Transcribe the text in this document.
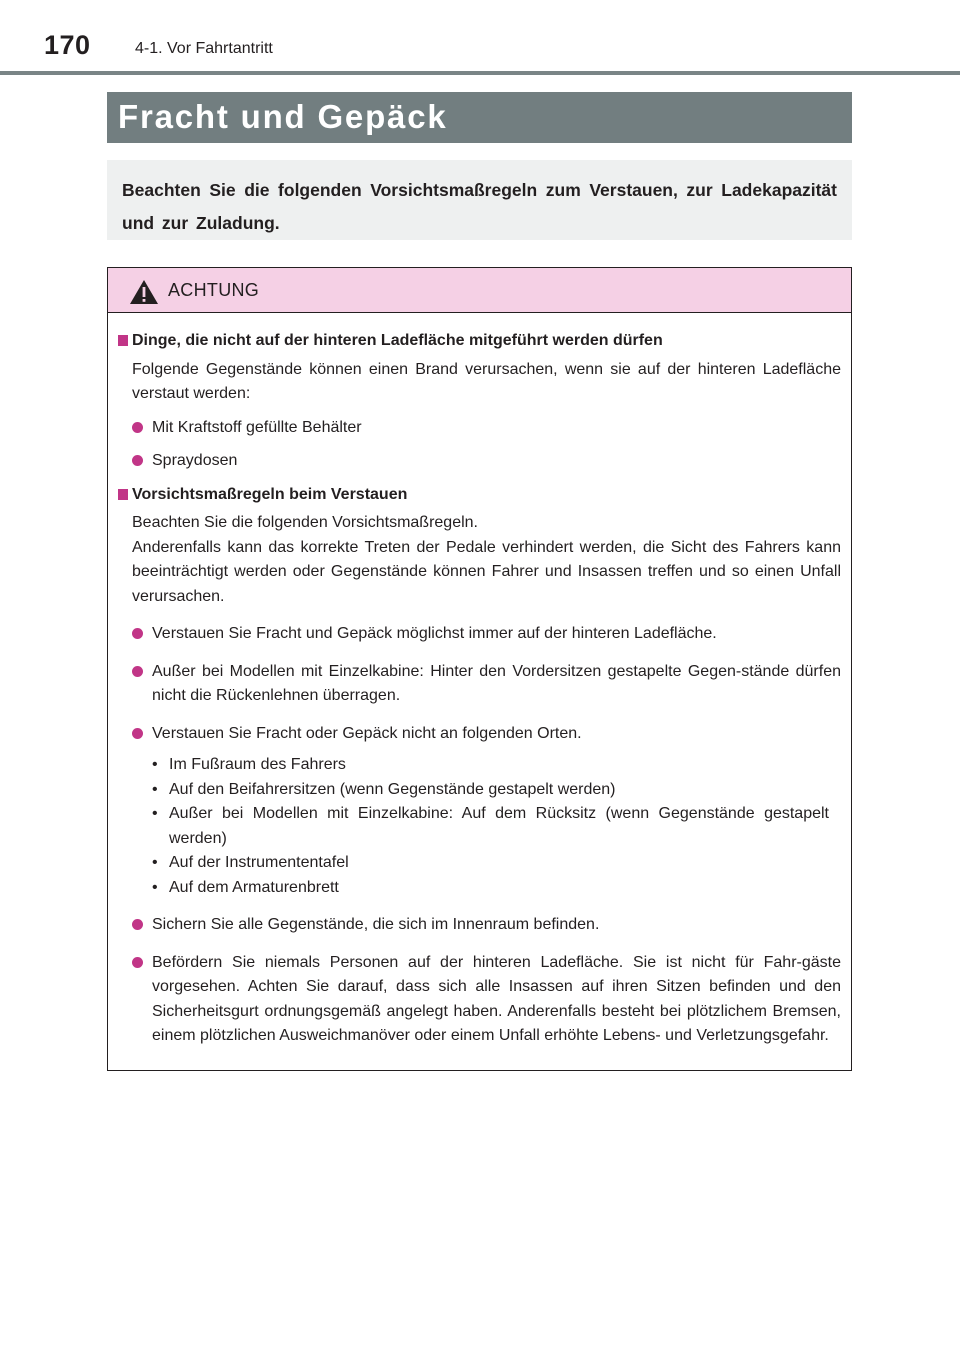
170	4-1. Vor Fahrtantritt
Fracht und Gepäck
Beachten Sie die folgenden Vorsichtsmaßregeln zum Verstauen, zur Ladekapazität und zur Zuladung.
ACHTUNG
Dinge, die nicht auf der hinteren Ladefläche mitgeführt werden dürfen
Folgende Gegenstände können einen Brand verursachen, wenn sie auf der hinteren Ladefläche verstaut werden:
Mit Kraftstoff gefüllte Behälter
Spraydosen
Vorsichtsmaßregeln beim Verstauen
Beachten Sie die folgenden Vorsichtsmaßregeln.
Anderenfalls kann das korrekte Treten der Pedale verhindert werden, die Sicht des Fahrers kann beeinträchtigt werden oder Gegenstände können Fahrer und Insassen treffen und so einen Unfall verursachen.
Verstauen Sie Fracht und Gepäck möglichst immer auf der hinteren Ladefläche.
Außer bei Modellen mit Einzelkabine: Hinter den Vordersitzen gestapelte Gegen-stände dürfen nicht die Rückenlehnen überragen.
Verstauen Sie Fracht oder Gepäck nicht an folgenden Orten.
• Im Fußraum des Fahrers
• Auf den Beifahrersitzen (wenn Gegenstände gestapelt werden)
• Außer bei Modellen mit Einzelkabine: Auf dem Rücksitz (wenn Gegenstände gestapelt werden)
• Auf der Instrumententafel
• Auf dem Armaturenbrett
Sichern Sie alle Gegenstände, die sich im Innenraum befinden.
Befördern Sie niemals Personen auf der hinteren Ladefläche. Sie ist nicht für Fahr-gäste vorgesehen. Achten Sie darauf, dass sich alle Insassen auf ihren Sitzen befinden und den Sicherheitsgurt ordnungsgemäß angelegt haben. Anderenfalls besteht bei plötzlichem Bremsen, einem plötzlichen Ausweichmanöver oder einem Unfall erhöhte Lebens- und Verletzungsgefahr.
